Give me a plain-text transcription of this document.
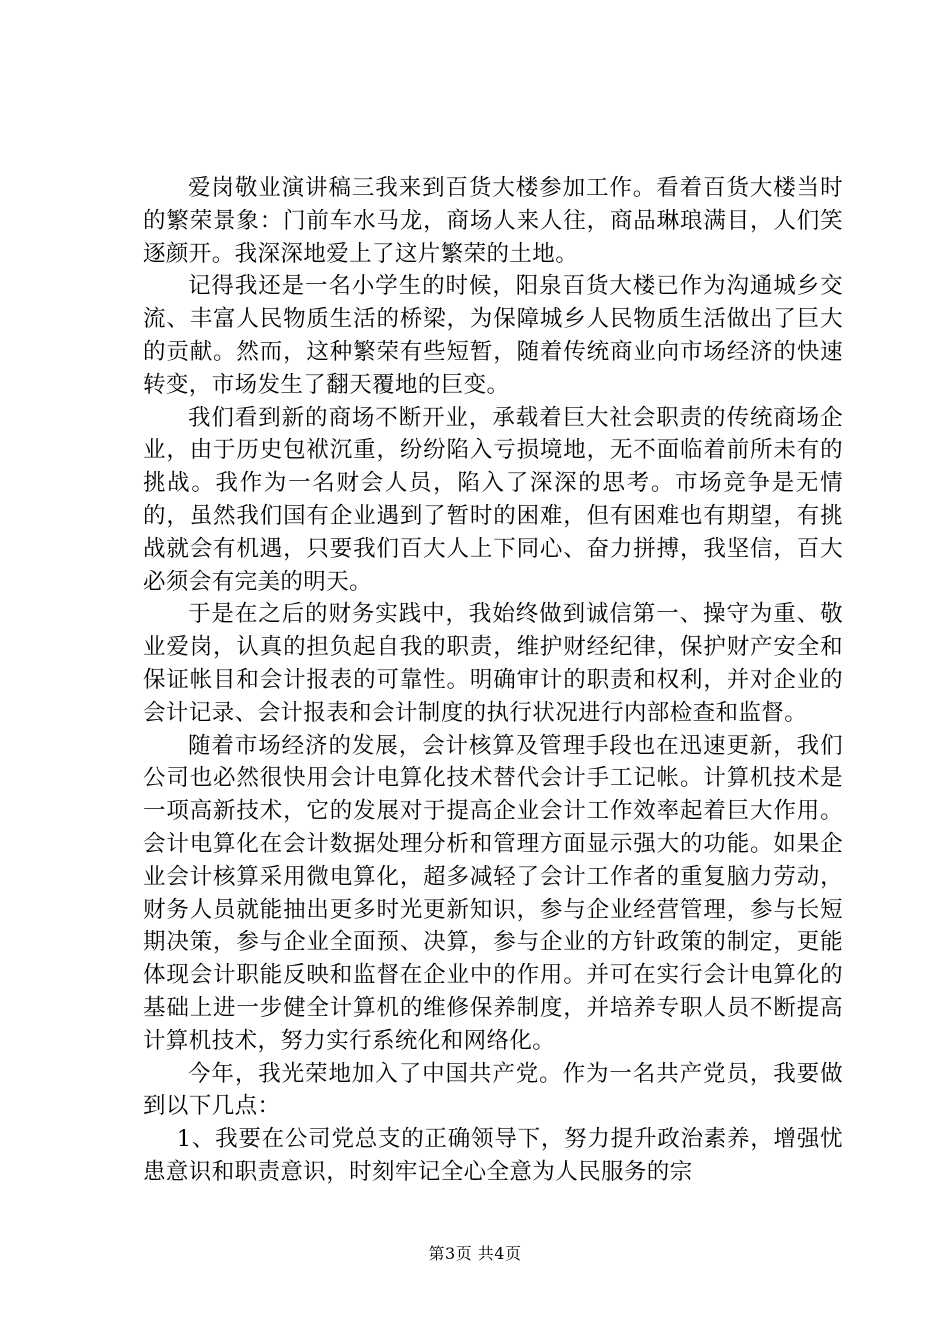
爱岗敬业演讲稿三我来到百货大楼参加工作。看着百货大楼当时的繁荣景象：门前车水马龙，商场人来人往，商品琳琅满目，人们笑逐颜开。我深深地爱上了这片繁荣的土地。

记得我还是一名小学生的时候，阳泉百货大楼已作为沟通城乡交流、丰富人民物质生活的桥梁，为保障城乡人民物质生活做出了巨大的贡献。然而，这种繁荣有些短暂，随着传统商业向市场经济的快速转变，市场发生了翻天覆地的巨变。

我们看到新的商场不断开业，承载着巨大社会职责的传统商场企业，由于历史包袱沉重，纷纷陷入亏损境地，无不面临着前所未有的挑战。我作为一名财会人员，陷入了深深的思考。市场竞争是无情的，虽然我们国有企业遇到了暂时的困难，但有困难也有期望，有挑战就会有机遇，只要我们百大人上下同心、奋力拼搏，我坚信，百大必须会有完美的明天。

于是在之后的财务实践中，我始终做到诚信第一、操守为重、敬业爱岗，认真的担负起自我的职责，维护财经纪律，保护财产安全和保证帐目和会计报表的可靠性。明确审计的职责和权利，并对企业的会计记录、会计报表和会计制度的执行状况进行内部检查和监督。

随着市场经济的发展，会计核算及管理手段也在迅速更新，我们公司也必然很快用会计电算化技术替代会计手工记帐。计算机技术是一项高新技术，它的发展对于提高企业会计工作效率起着巨大作用。会计电算化在会计数据处理分析和管理方面显示强大的功能。如果企业会计核算采用微电算化，超多减轻了会计工作者的重复脑力劳动，财务人员就能抽出更多时光更新知识，参与企业经营管理，参与长短期决策，参与企业全面预、决算，参与企业的方针政策的制定，更能体现会计职能反映和监督在企业中的作用。并可在实行会计电算化的基础上进一步健全计算机的维修保养制度，并培养专职人员不断提高计算机技术，努力实行系统化和网络化。

今年，我光荣地加入了中国共产党。作为一名共产党员，我要做到以下几点：

1、我要在公司党总支的正确领导下，努力提升政治素养，增强忧患意识和职责意识，时刻牢记全心全意为人民服务的宗

第3页 共4页
